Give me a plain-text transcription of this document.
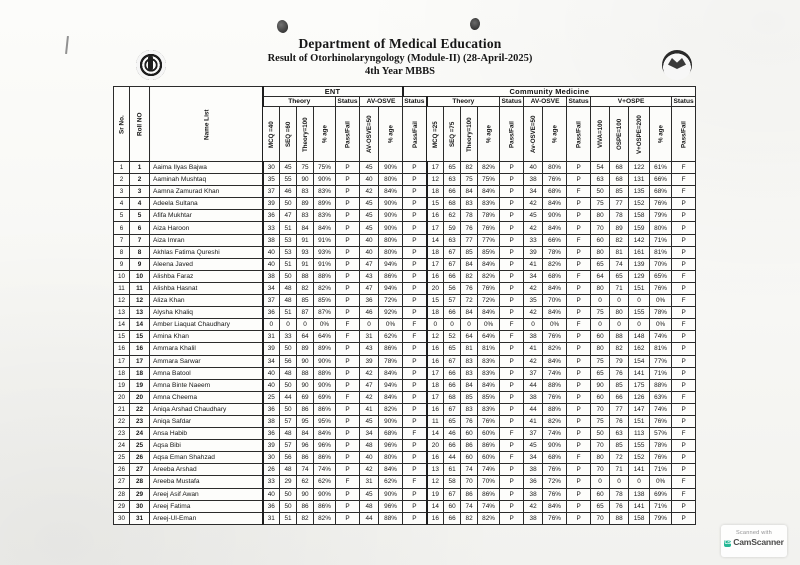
Department of Medical Education
Result of Otorhinolaryngology (Module-II) (28-April-2025)
4th Year MBBS
Sr No.	Roll NO	Name List	ENT							Community Medicine													
			Theory				Status	AV-OSVE		Status	Theory				Status	AV-OSVE		Status	V+OSPE				Status
			MCQ =40	SEQ =60	Theory=100	% age	Pass/Fail	AV-OSVE=50	% age	Pass/Fail	MCQ =25	SEQ =75	Theory=100	% age	Pass/Fail	Av-OSVE=50	% age	Pass/Fail	VIVA=100	OSPE=100	V+OSPE=200	% age	Pass/Fail
1	1	Aaima Ilyas Bajwa	30	45	75	75%	P	45	90%	P	17	65	82	82%	P	40	80%	P	54	68	122	61%	F
2	2	Aaminah Mushtaq	35	55	90	90%	P	40	80%	P	12	63	75	75%	P	38	76%	P	63	68	131	66%	F
3	3	Aamna Zamurad Khan	37	46	83	83%	P	42	84%	P	18	66	84	84%	P	34	68%	F	50	85	135	68%	F
4	4	Adeela Sultana	39	50	89	89%	P	45	90%	P	15	68	83	83%	P	42	84%	P	75	77	152	76%	P
5	5	Afifa Mukhtar	36	47	83	83%	P	45	90%	P	16	62	78	78%	P	45	90%	P	80	78	158	79%	P
6	6	Aiza Haroon	33	51	84	84%	P	45	90%	P	17	59	76	76%	P	42	84%	P	70	89	159	80%	P
7	7	Aiza Imran	38	53	91	91%	P	40	80%	P	14	63	77	77%	P	33	66%	F	60	82	142	71%	P
8	8	Akhlas Fatima Qureshi	40	53	93	93%	P	40	80%	P	18	67	85	85%	P	39	78%	P	80	81	161	81%	P
9	9	Aleena Javed	40	51	91	91%	P	47	94%	P	17	67	84	84%	P	41	82%	P	65	74	139	70%	P
10	10	Alishba Faraz	38	50	88	88%	P	43	86%	P	16	66	82	82%	P	34	68%	F	64	65	129	65%	F
11	11	Alishba Hasnat	34	48	82	82%	P	47	94%	P	20	56	76	76%	P	42	84%	P	80	71	151	76%	P
12	12	Aliza Khan	37	48	85	85%	P	36	72%	P	15	57	72	72%	P	35	70%	P	0	0	0	0%	F
13	13	Alysha Khaliq	36	51	87	87%	P	46	92%	P	18	66	84	84%	P	42	84%	P	75	80	155	78%	P
14	14	Amber Liaquat Chaudhary	0	0	0	0%	F	0	0%	F	0	0	0	0%	F	0	0%	F	0	0	0	0%	F
15	15	Amina Khan	31	33	64	64%	F	31	62%	F	12	52	64	64%	F	38	76%	P	60	88	148	74%	P
16	16	Ammara Khalil	39	50	89	89%	P	43	86%	P	16	65	81	81%	P	41	82%	P	80	82	162	81%	P
17	17	Ammara Sarwar	34	56	90	90%	P	39	78%	P	16	67	83	83%	P	42	84%	P	75	79	154	77%	P
18	18	Amna Batool	40	48	88	88%	P	42	84%	P	17	66	83	83%	P	37	74%	P	65	76	141	71%	P
19	19	Amna Binte Naeem	40	50	90	90%	P	47	94%	P	18	66	84	84%	P	44	88%	P	90	85	175	88%	P
20	20	Amna Cheema	25	44	69	69%	F	42	84%	P	17	68	85	85%	P	38	76%	P	60	66	126	63%	F
21	22	Aniqa Arshad Chaudhary	36	50	86	86%	P	41	82%	P	16	67	83	83%	P	44	88%	P	70	77	147	74%	P
22	23	Aniqa Safdar	38	57	95	95%	P	45	90%	P	11	65	76	76%	P	41	82%	P	75	76	151	76%	P
23	24	Ansa Habib	36	48	84	84%	P	34	68%	F	14	46	60	60%	F	37	74%	P	50	63	113	57%	F
24	25	Aqsa Bibi	39	57	96	96%	P	48	96%	P	20	66	86	86%	P	45	90%	P	70	85	155	78%	P
25	26	Aqsa Eman Shahzad	30	56	86	86%	P	40	80%	P	16	44	60	60%	F	34	68%	F	80	72	152	76%	P
26	27	Areeba Arshad	26	48	74	74%	P	42	84%	P	13	61	74	74%	P	38	76%	P	70	71	141	71%	P
27	28	Areeba Mustafa	33	29	62	62%	F	31	62%	F	12	58	70	70%	P	36	72%	P	0	0	0	0%	F
28	29	Areej Asif Awan	40	50	90	90%	P	45	90%	P	19	67	86	86%	P	38	76%	P	60	78	138	69%	F
29	30	Areej Fatima	36	50	86	86%	P	48	96%	P	14	60	74	74%	P	42	84%	P	65	76	141	71%	P
30	31	Areej-Ul-Eman	31	51	82	82%	P	44	88%	P	16	66	82	82%	P	38	76%	P	70	88	158	79%	P
Scanned with
CS CamScanner
